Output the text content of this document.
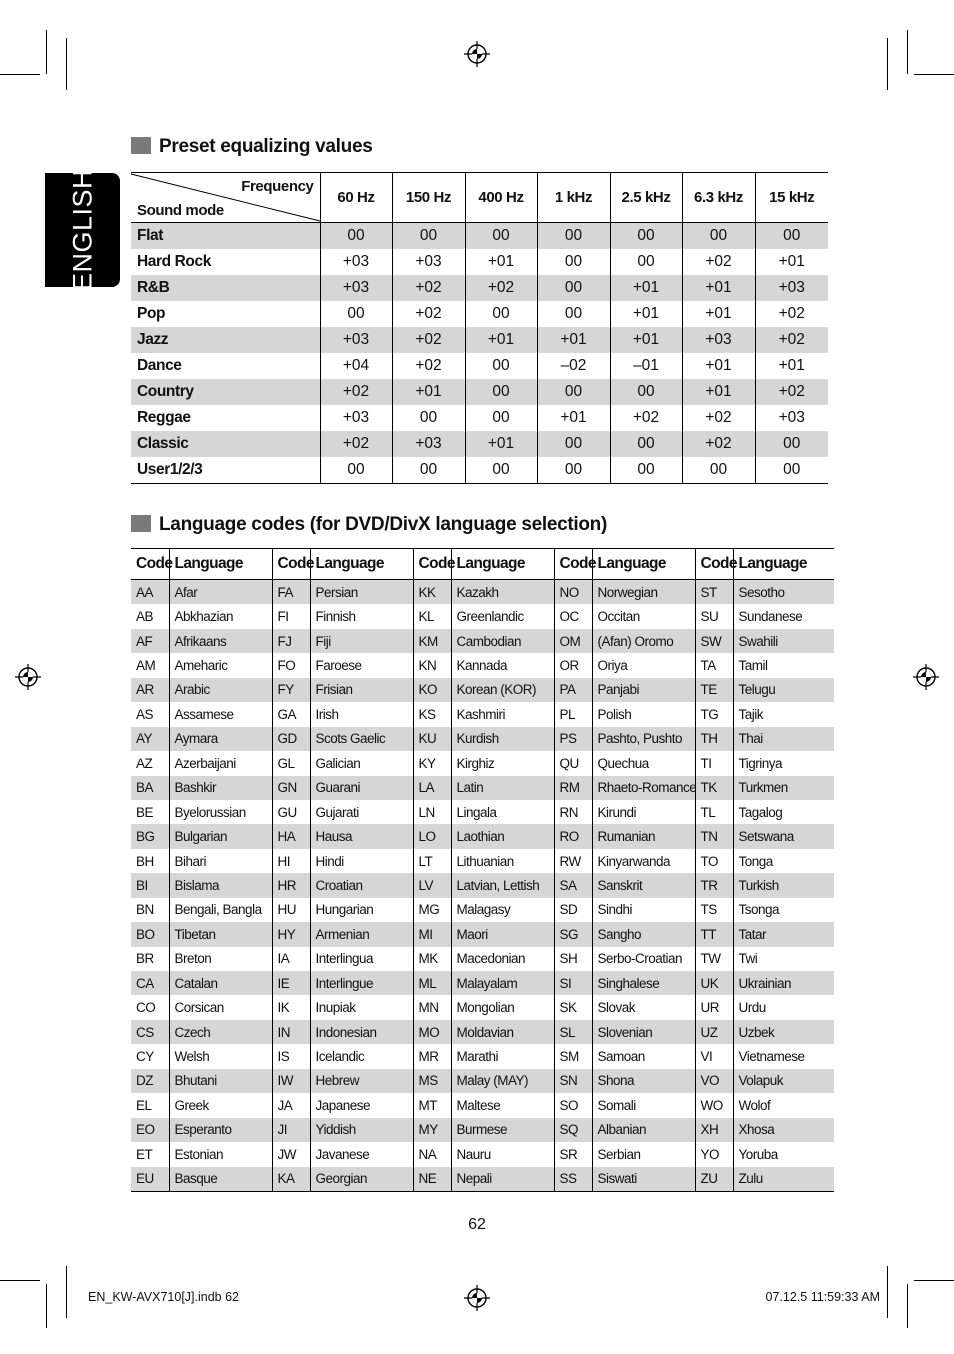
ENGLISH
Preset equalizing values
Frequency
Sound mode	60 Hz	150 Hz	400 Hz	1 kHz	2.5 kHz	6.3 kHz	15 kHz
Flat	00	00	00	00	00	00	00
Hard Rock	+03	+03	+01	00	00	+02	+01
R&B	+03	+02	+02	00	+01	+01	+03
Pop	00	+02	00	00	+01	+01	+02
Jazz	+03	+02	+01	+01	+01	+03	+02
Dance	+04	+02	00	–02	–01	+01	+01
Country	+02	+01	00	00	00	+01	+02
Reggae	+03	00	00	+01	+02	+02	+03
Classic	+02	+03	+01	00	00	+02	00
User1/2/3	00	00	00	00	00	00	00
Language codes (for DVD/DivX language selection)
Code	Language	Code	Language	Code	Language	Code	Language	Code	Language
AA	Afar	FA	Persian	KK	Kazakh	NO	Norwegian	ST	Sesotho
AB	Abkhazian	FI	Finnish	KL	Greenlandic	OC	Occitan	SU	Sundanese
AF	Afrikaans	FJ	Fiji	KM	Cambodian	OM	(Afan) Oromo	SW	Swahili
AM	Ameharic	FO	Faroese	KN	Kannada	OR	Oriya	TA	Tamil
AR	Arabic	FY	Frisian	KO	Korean (KOR)	PA	Panjabi	TE	Telugu
AS	Assamese	GA	Irish	KS	Kashmiri	PL	Polish	TG	Tajik
AY	Aymara	GD	Scots Gaelic	KU	Kurdish	PS	Pashto, Pushto	TH	Thai
AZ	Azerbaijani	GL	Galician	KY	Kirghiz	QU	Quechua	TI	Tigrinya
BA	Bashkir	GN	Guarani	LA	Latin	RM	Rhaeto-Romance	TK	Turkmen
BE	Byelorussian	GU	Gujarati	LN	Lingala	RN	Kirundi	TL	Tagalog
BG	Bulgarian	HA	Hausa	LO	Laothian	RO	Rumanian	TN	Setswana
BH	Bihari	HI	Hindi	LT	Lithuanian	RW	Kinyarwanda	TO	Tonga
BI	Bislama	HR	Croatian	LV	Latvian, Lettish	SA	Sanskrit	TR	Turkish
BN	Bengali, Bangla	HU	Hungarian	MG	Malagasy	SD	Sindhi	TS	Tsonga
BO	Tibetan	HY	Armenian	MI	Maori	SG	Sangho	TT	Tatar
BR	Breton	IA	Interlingua	MK	Macedonian	SH	Serbo-Croatian	TW	Twi
CA	Catalan	IE	Interlingue	ML	Malayalam	SI	Singhalese	UK	Ukrainian
CO	Corsican	IK	Inupiak	MN	Mongolian	SK	Slovak	UR	Urdu
CS	Czech	IN	Indonesian	MO	Moldavian	SL	Slovenian	UZ	Uzbek
CY	Welsh	IS	Icelandic	MR	Marathi	SM	Samoan	VI	Vietnamese
DZ	Bhutani	IW	Hebrew	MS	Malay (MAY)	SN	Shona	VO	Volapuk
EL	Greek	JA	Japanese	MT	Maltese	SO	Somali	WO	Wolof
EO	Esperanto	JI	Yiddish	MY	Burmese	SQ	Albanian	XH	Xhosa
ET	Estonian	JW	Javanese	NA	Nauru	SR	Serbian	YO	Yoruba
EU	Basque	KA	Georgian	NE	Nepali	SS	Siswati	ZU	Zulu
62
EN_KW-AVX710[J].indb 62	07.12.5 11:59:33 AM
